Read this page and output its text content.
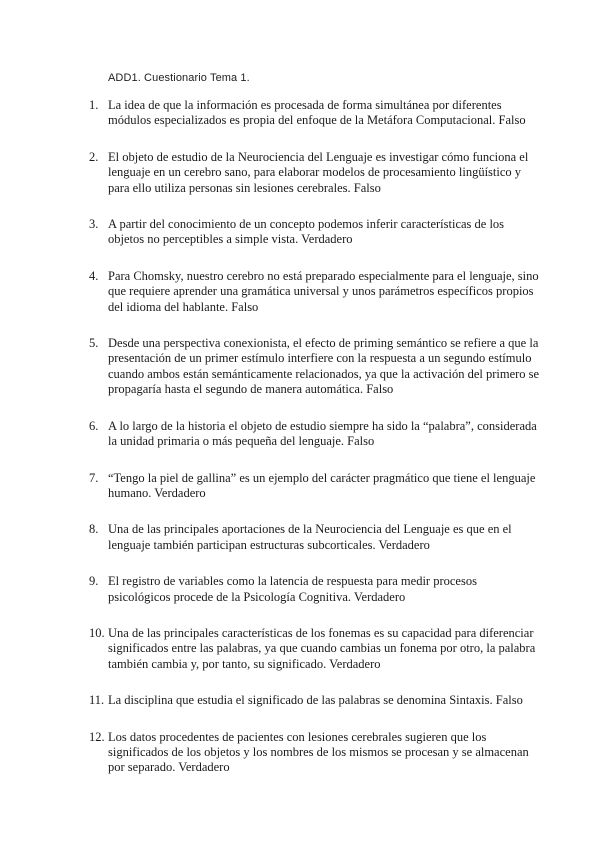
ADD1. Cuestionario Tema 1.
1. La idea de que la información es procesada de forma simultánea por diferentes módulos especializados es propia del enfoque de la Metáfora Computacional. Falso
2. El objeto de estudio de la Neurociencia del Lenguaje es investigar cómo funciona el lenguaje en un cerebro sano, para elaborar modelos de procesamiento lingüístico y para ello utiliza personas sin lesiones cerebrales. Falso
3. A partir del conocimiento de un concepto podemos inferir características de los objetos no perceptibles a simple vista. Verdadero
4. Para Chomsky, nuestro cerebro no está preparado especialmente para el lenguaje, sino que requiere aprender una gramática universal y unos parámetros específicos propios del idioma del hablante. Falso
5. Desde una perspectiva conexionista, el efecto de priming semántico se refiere a que la presentación de un primer estímulo interfiere con la respuesta a un segundo estímulo cuando ambos están semánticamente relacionados, ya que la activación del primero se propagaría hasta el segundo de manera automática. Falso
6. A lo largo de la historia el objeto de estudio siempre ha sido la “palabra”, considerada la unidad primaria o más pequeña del lenguaje. Falso
7. “Tengo la piel de gallina” es un ejemplo del carácter pragmático que tiene el lenguaje humano. Verdadero
8. Una de las principales aportaciones de la Neurociencia del Lenguaje es que en el lenguaje también participan estructuras subcorticales. Verdadero
9. El registro de variables como la latencia de respuesta para medir procesos psicológicos procede de la Psicología Cognitiva. Verdadero
10. Una de las principales características de los fonemas es su capacidad para diferenciar significados entre las palabras, ya que cuando cambias un fonema por otro, la palabra también cambia y, por tanto, su significado. Verdadero
11. La disciplina que estudia el significado de las palabras se denomina Sintaxis. Falso
12. Los datos procedentes de pacientes con lesiones cerebrales sugieren que los significados de los objetos y los nombres de los mismos se procesan y se almacenan por separado. Verdadero
